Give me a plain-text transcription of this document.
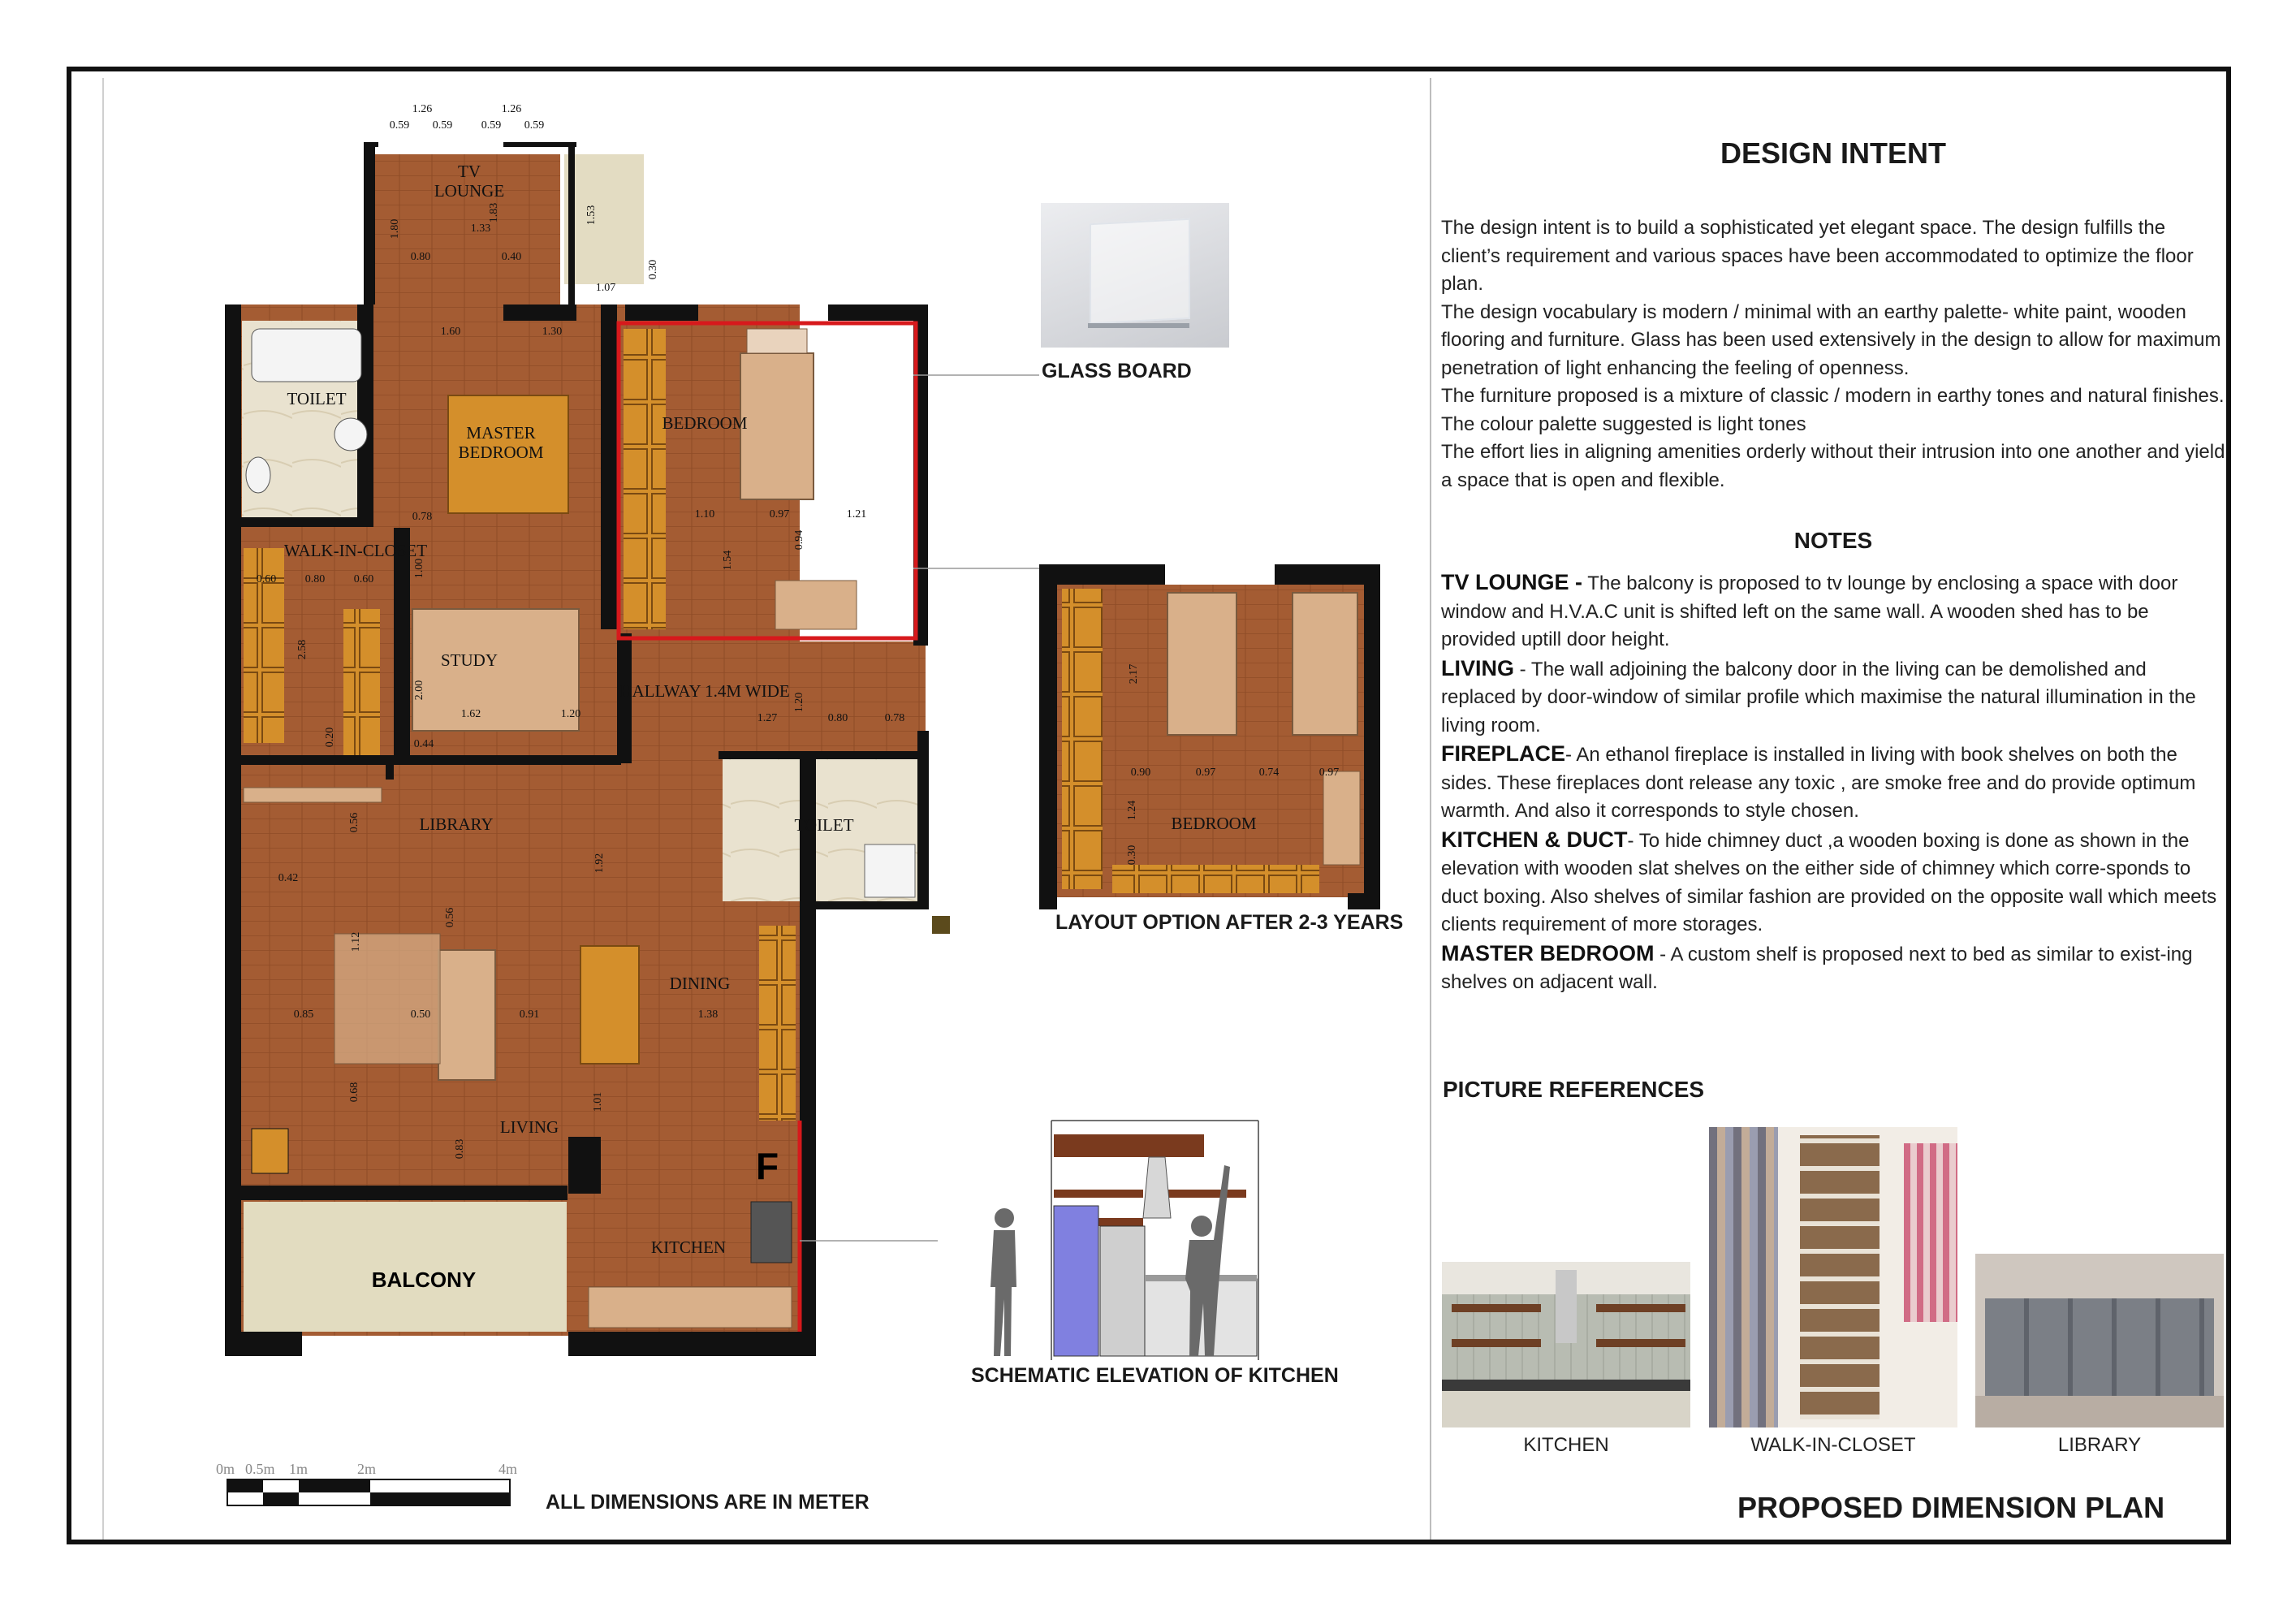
TV LOUNGE
TOILET
MASTER BEDROOM
BEDROOM
WALK-IN-CLOSET
STUDY
HALLWAY 1.4M WIDE
TOILET
LIBRARY
DINING
LIVING
KITCHEN
BALCONY
F
1.26	1.26
0.59 0.59	0.59 0.59
1.80
1.83
1.33
0.80	0.40
1.53
1.07
0.30
1.60	1.30
1.10	0.97	1.21
0.94
1.54
0.78
1.00
0.60	0.80	0.60
2.58
0.20
2.00
1.62	1.20
0.44
1.27
1.20
0.80	0.78
0.56
0.42
1.92
0.56
1.12
0.85	0.50	0.91	1.38
0.68
0.83
1.01
0m 0.5m 1m	2m	4m
ALL DIMENSIONS ARE IN METER
GLASS BOARD
BEDROOM
2.17
0.90	0.97	0.74	0.97
1.24
0.30
LAYOUT OPTION AFTER 2-3 YEARS
SCHEMATIC ELEVATION OF KITCHEN
DESIGN INTENT

The design intent is to build a sophisticated yet elegant space. The design fulfills the client’s requirement and various spaces have been accommodated to optimize the floor plan.

The design vocabulary is modern / minimal with an earthy palette- white paint, wooden flooring and furniture. Glass has been used extensively in the design to allow for maximum penetration of light enhancing the feeling of openness.

The furniture proposed is a mixture of classic / modern in earthy tones and natural finishes. The colour palette suggested is light tones

The effort lies in aligning amenities orderly without their intrusion into one another and yield a space that is open and flexible.

NOTES

TV LOUNGE - The balcony is proposed to tv lounge by enclosing a space with door window and H.V.A.C unit is shifted left on the same wall. A wooden shed has to be provided uptill door height.

LIVING - The wall adjoining the balcony door in the living can be demolished and replaced by door-window of similar profile which maximise the natural illumination in the living room.

FIREPLACE- An ethanol fireplace is installed in living with book shelves on both the sides. These fireplaces dont release any toxic , are smoke free and do provide optimum warmth. And also it corresponds to style chosen.

KITCHEN & DUCT- To hide chimney duct ,a wooden boxing is done as shown in the elevation with wooden slat shelves on the either side of chimney which corre-sponds to duct boxing. Also shelves of similar fashion are provided on the opposite wall which meets clients requirement of more storages.

MASTER BEDROOM - A custom shelf is proposed next to bed as similar to exist-ing shelves on adjacent wall.

PICTURE REFERENCES
KITCHEN	WALK-IN-CLOSET	LIBRARY
PROPOSED DIMENSION PLAN
